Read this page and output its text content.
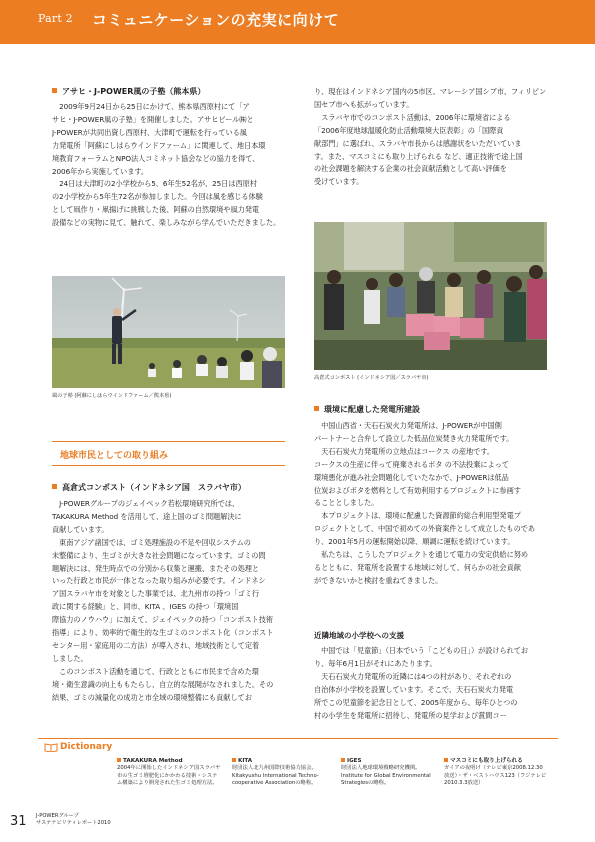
Part 2 コミュニケーションの充実に向けて
アサヒ・J-POWER風の子塾（熊本県）
　2009年9月24日から25日にかけて、熊本県西原村にて「ア
サヒ・J-POWER風の子塾」を開催しました。アサヒビール㈱と
J-POWERが共同出資し西原村、大津町で運転を行っている風
力発電所「阿蘇にしはらウインドファーム」に関連して、地日本環
境教育フォーラムとNPO法人コミネット協会などの協力を得て、
2006年から実施しています。
　24日は大津町の2小学校から5、6年生52名が、25日は西原村
の2小学校から5年生72名が参加しました。今回は風を感じる体験
として凧作り・凧揚げに挑戦した後、阿蘇の自然環境や風力発電
設備などの実物に見て、触れて、楽しみながら学んでいただきました。
風の子塾 (阿蘇にしはらウインドファーム／熊本県)
地球市民としての取り組み
高倉式コンポスト（インドネシア国　スラバヤ市）
　J-POWERグループのジェイペック若松環境研究所では、
TAKAKURA Method を活用して、途上国のゴミ問題解決に
貢献しています。
　東南アジア諸国では、ゴミ処理施設の不足や回収システムの
未整備により、生ゴミが大きな社会問題になっています。ゴミの問
題解決には、発生時点での分別から収集と運搬、またその処理と
いった行政と市民が一体となった取り組みが必要です。インドネシ
ア国スラバヤ市を対象とした事業では、北九州市の持つ「ゴミ行
政に関する経験」と、同市、KITA 、IGES の持つ「環境国
際協力のノウハウ」に加えて、ジェイペックの持つ「コンポスト技術
指導」により、効率的で衛生的な生ゴミのコンポスト化（コンポスト
センター用・家庭用の二方法）が導入され、地域技術として定着
しました。
　このコンポスト活動を通じて、行政とともに市民まで含めた環
境・衛生意識の向上ももたらし、自立的な展開がなされました。その
結果、ゴミの減量化の成功と市全域の環境整備にも貢献してお
り、現在はインドネシア国内の5市区、マレーシア国シブ市、フィリピン
国セブ市へも拡がっています。
　スラバヤ市でのコンポスト活動は、2006年に環境省による
「2006年度地球温暖化防止活動環境大臣表彰」の「国際貢
献部門」に選ばれ、スラバヤ市長からは感謝状をいただいていま
す。また、マスコミにも取り上げられる など、適正技術で途上国
の社会課題を解決する企業の社会貢献活動として高い評価を
受けています。
高倉式コンポスト (インドネシア国／スラバヤ市)
環境に配慮した発電所建設
　中国山西省・天石石炭火力発電所は、J-POWERが中国側
パートナーと合弁して設立した低品位炭焚き火力発電所です。
　天石石炭火力発電所の立地点はコークス の産地です。
コークスの生産に伴って廃棄されるボタ の不法投棄によって
環境悪化が進み社会問題化していたなかで、J-POWERは低品
位炭およびボタを燃料として有効利用するプロジェクトに参画す
ることとしました。
　本プロジェクトは、環境に配慮した資源節約総合利用型発電プ
ロジェクトとして、中国で初めての外資案件として成立したものであ
り、2001年5月の運転開始以降、順調に運転を続けています。
　私たちは、こうしたプロジェクトを通じて電力の安定供給に努め
るとともに、発電所を設置する地域に対して、何らかの社会貢献
ができないかと検討を重ねてきました。
近隣地域の小学校への支援
　中国では「児童節」（日本でいう「こどもの日」）が設けられてお
り、毎年6月1日がそれにあたります。
　天石石炭火力発電所の近隣には4つの村があり、それぞれの
自治体が小学校を設置しています。そこで、天石石炭火力発電
所でこの児童節を記念日として、2005年度から、毎年ひとつの
村の小学生を発電所に招待し、発電所の見学および賞間コー
Dictionary
TAKAKURA Method
2004年に開始したインドネシア国スラバヤ
市の生ゴミ堆肥化にかかわる技術・システ
ム構築により開発された生ゴミ処理方法。
KITA
財団法人北九州国際技術協力協会。
Kitakyushu International Techno-
cooperative Associationの略称。
IGES
財団法人地球環境戦略研究機関。
Institute for Global Environmental
Strategiesの略称。
マスコミにも取り上げられる
ガイアの夜明け（テレビ東京2008.12.30
放送）・ザ・ベストハウス123（フジテレビ
2010.3.3放送）
31 J-POWERグループ
サステナビリティレポート2010
